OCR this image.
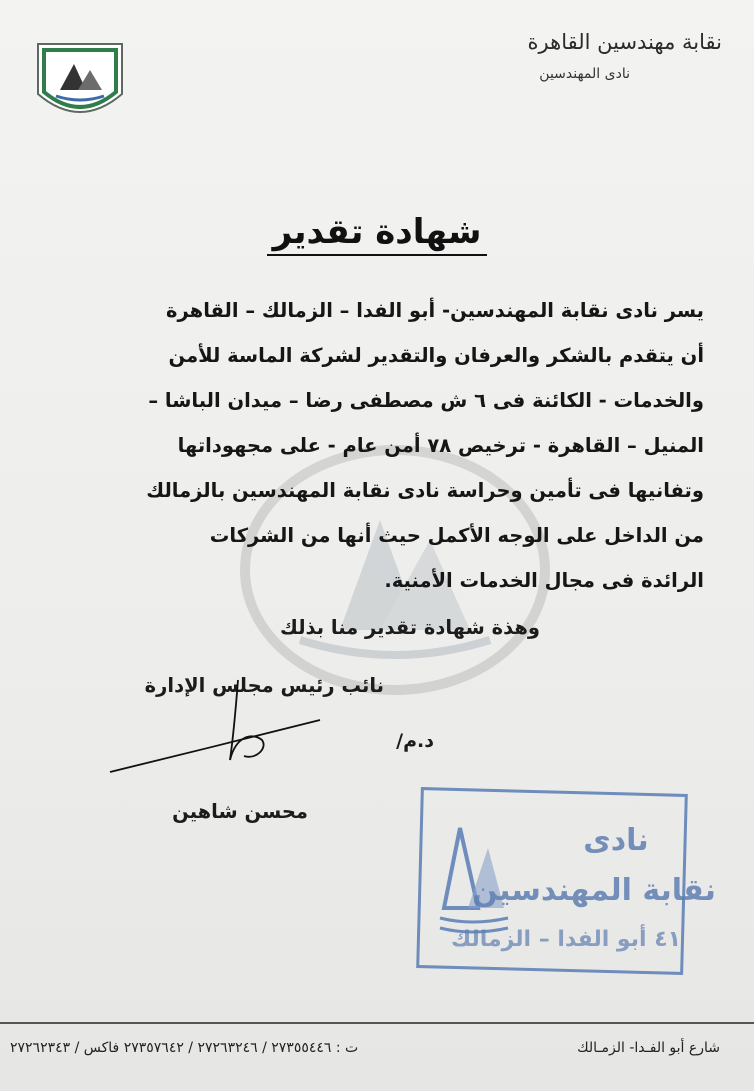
نقابة مهندسين القاهرة
نادى المهندسين
شهادة تقدير
يسر نادى نقابة المهندسين- أبو الفدا – الزمالك – القاهرة
أن يتقدم بالشكر والعرفان والتقدير لشركة الماسة للأمن
والخدمات - الكائنة فى ٦ ش مصطفى رضا – ميدان الباشا –
المنيل – القاهرة - ترخيص ٧٨ أمن عام - على مجهوداتها
وتفانيها فى تأمين وحراسة نادى نقابة المهندسين بالزمالك
من الداخل على الوجه الأكمل حيث أنها من الشركات
الرائدة فى مجال الخدمات الأمنية.
وهذة شهادة تقدير منا بذلك
نائب رئيس مجلس الإدارة
د.م/
محسن شاهين
نادى
نقابة المهندسين
٤١ أبو الفدا – الزمالك
شارع أبو الفـدا- الزمـالك
ت : ٢٧٣٥٥٤٤٦ / ٢٧٢٦٣٢٤٦ / ٢٧٣٥٧٦٤٢ فاكس / ٢٧٢٦٢٣٤٣
